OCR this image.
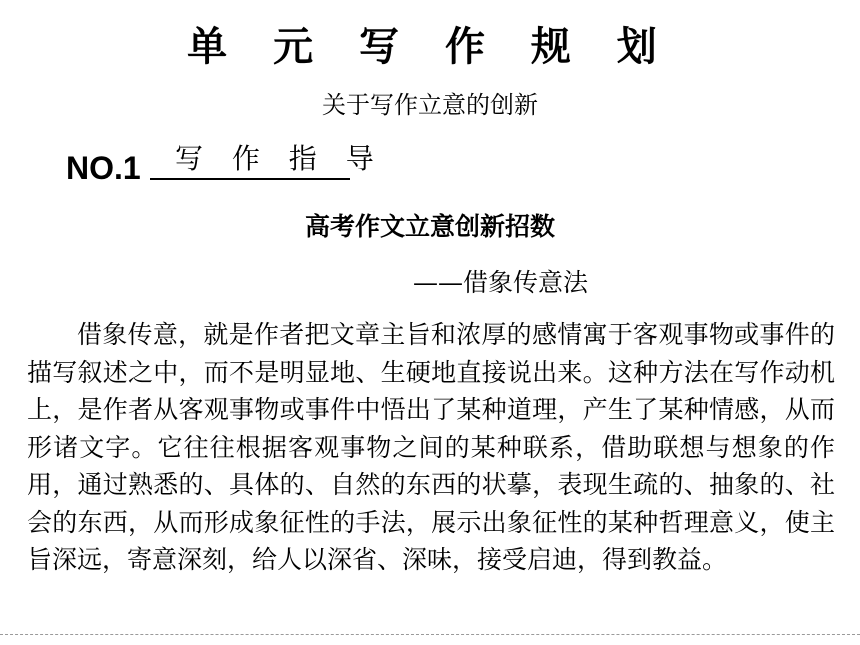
单 元 写 作 规 划
关于写作立意的创新
NO.1 写 作 指 导
高考作文立意创新招数
——借象传意法

借象传意，就是作者把文章主旨和浓厚的感情寓于客观事物或事件的描写叙述之中，而不是明显地、生硬地直接说出来。这种方法在写作动机上，是作者从客观事物或事件中悟出了某种道理，产生了某种情感，从而形诸文字。它往往根据客观事物之间的某种联系，借助联想与想象的作用，通过熟悉的、具体的、自然的东西的状摹，表现生疏的、抽象的、社会的东西，从而形成象征性的手法，展示出象征性的某种哲理意义，使主旨深远，寄意深刻，给人以深省、深味，接受启迪，得到教益。
